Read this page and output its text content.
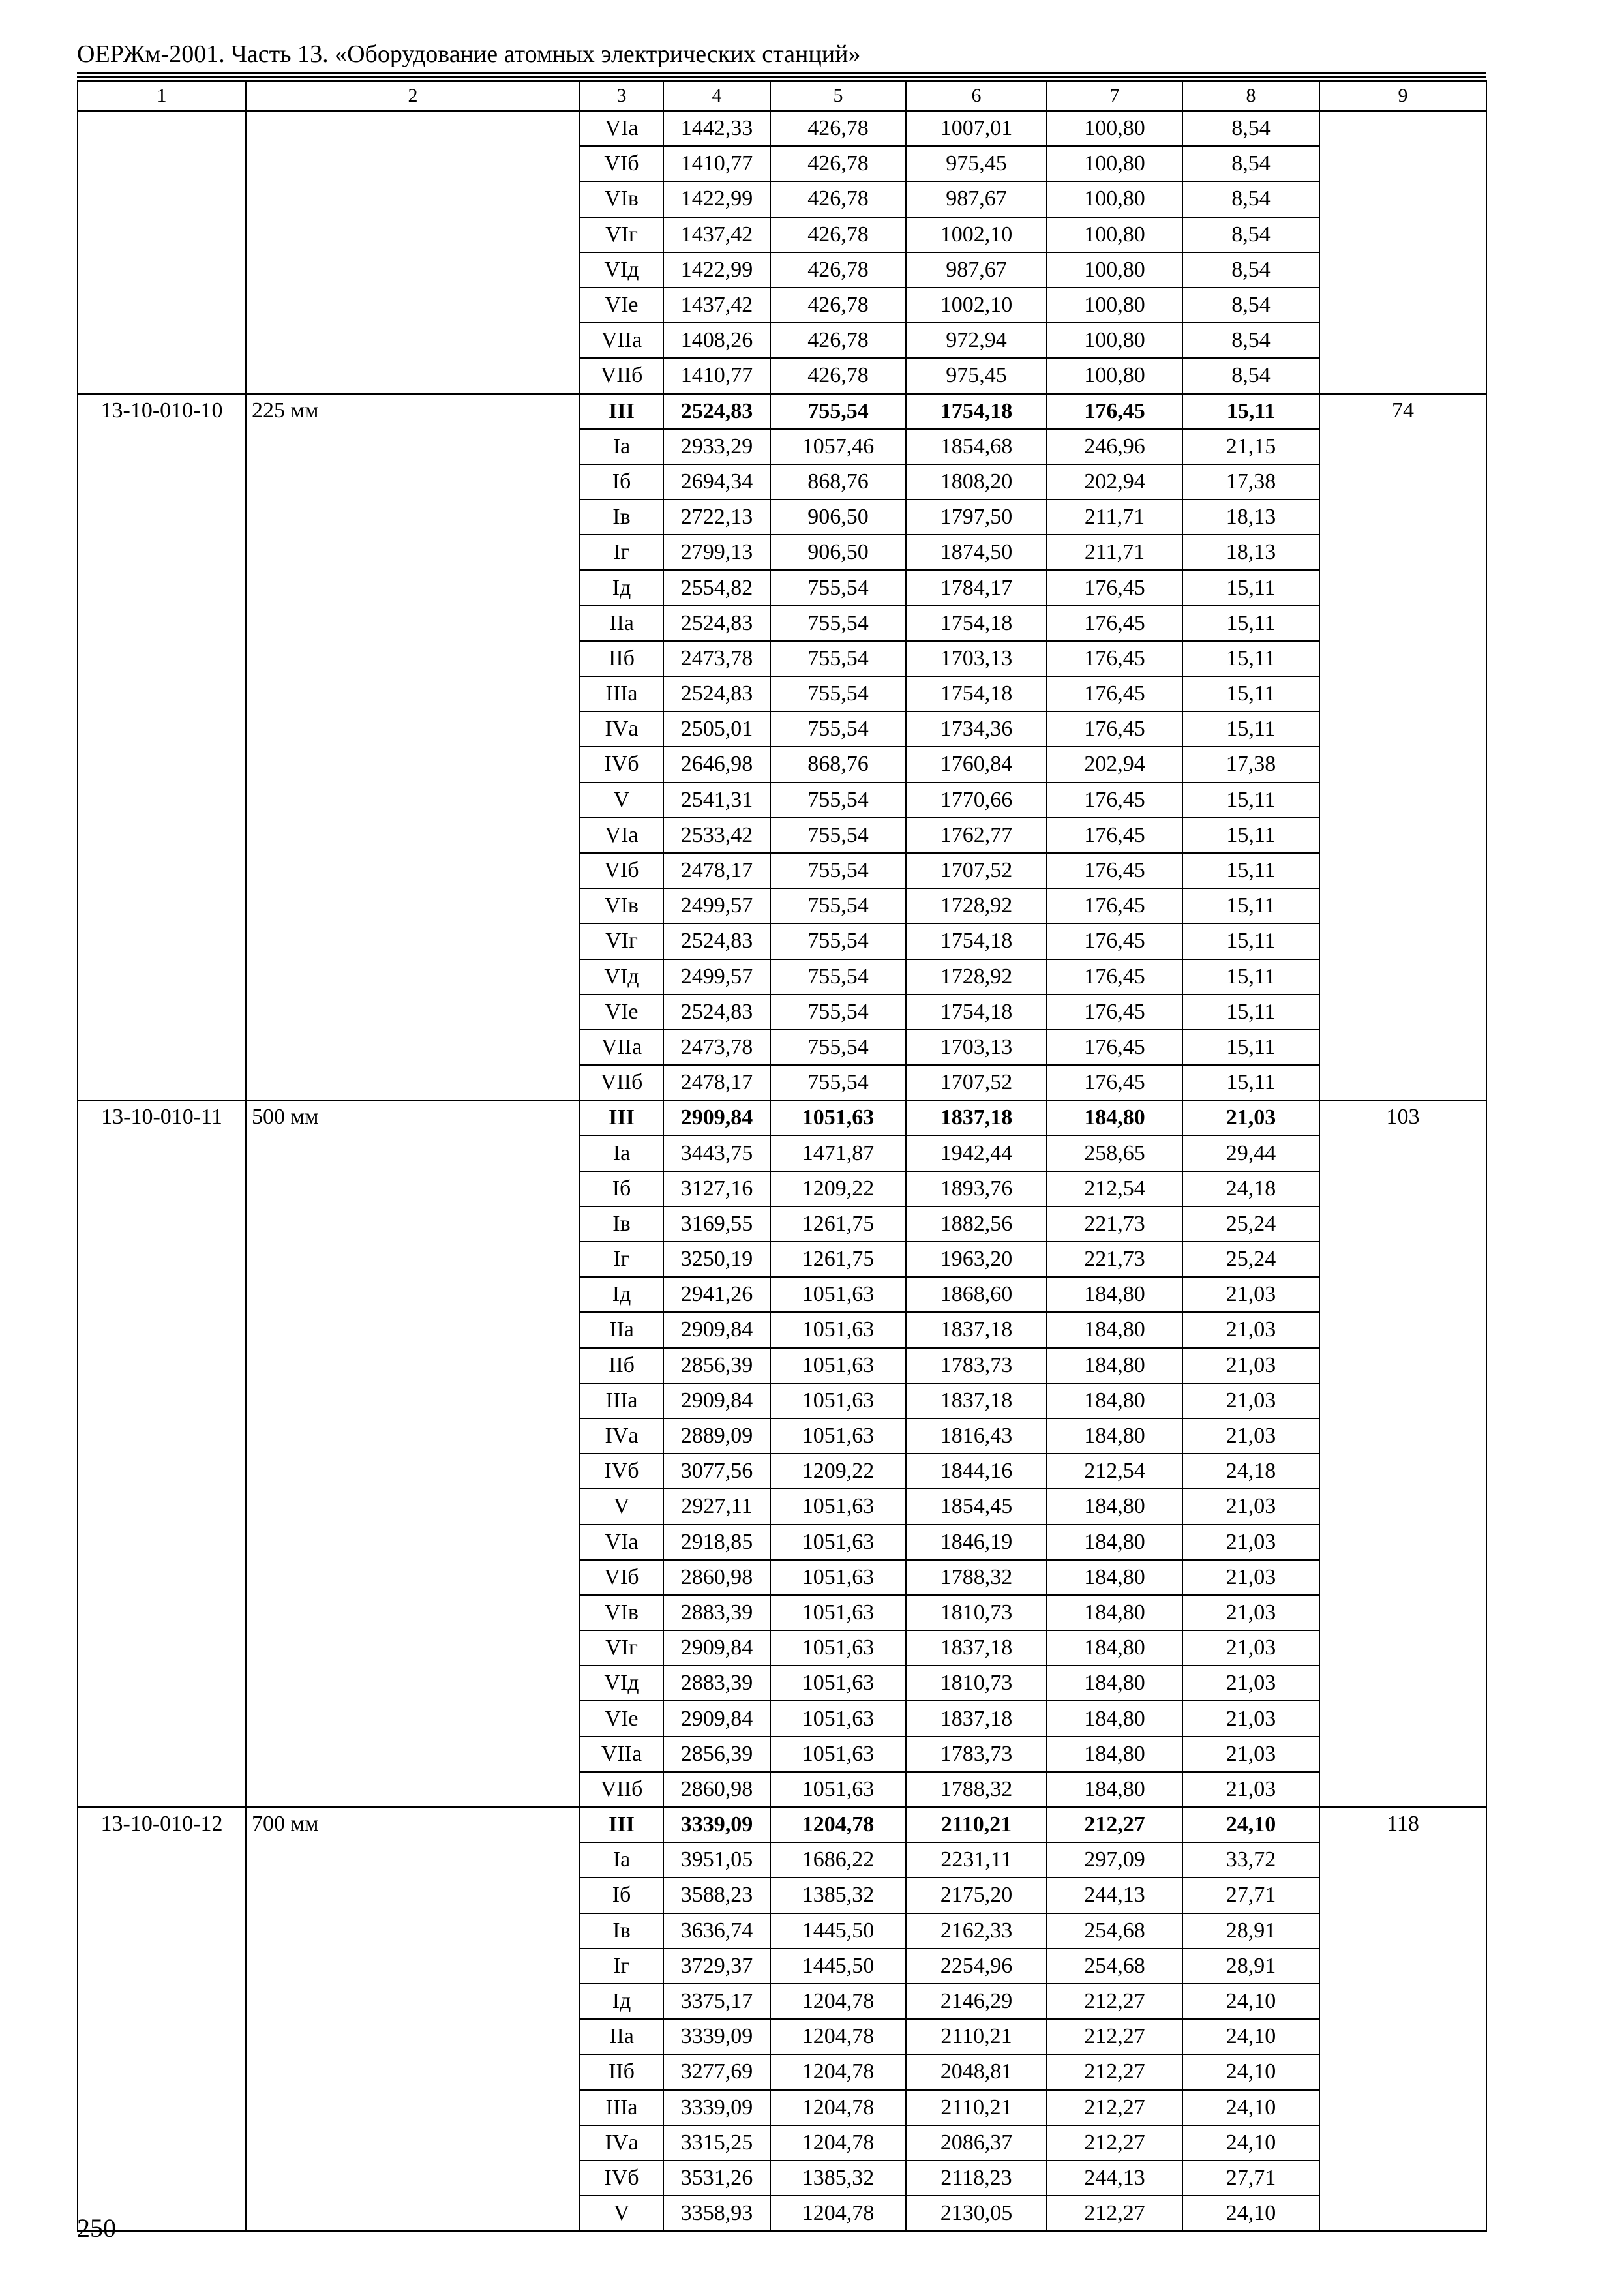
ОЕРЖм-2001. Часть 13. «Оборудование атомных электрических станций»
1	2	3	4	5	6	7	8	9
		VIа	1442,33	426,78	1007,01	100,80	8,54	
		VIб	1410,77	426,78	975,45	100,80	8,54	
		VIв	1422,99	426,78	987,67	100,80	8,54	
		VIг	1437,42	426,78	1002,10	100,80	8,54	
		VIд	1422,99	426,78	987,67	100,80	8,54	
		VIе	1437,42	426,78	1002,10	100,80	8,54	
		VIIа	1408,26	426,78	972,94	100,80	8,54	
		VIIб	1410,77	426,78	975,45	100,80	8,54	
13-10-010-10	225 мм	III	2524,83	755,54	1754,18	176,45	15,11	74
		Iа	2933,29	1057,46	1854,68	246,96	21,15	
		Iб	2694,34	868,76	1808,20	202,94	17,38	
		Iв	2722,13	906,50	1797,50	211,71	18,13	
		Iг	2799,13	906,50	1874,50	211,71	18,13	
		Iд	2554,82	755,54	1784,17	176,45	15,11	
		IIа	2524,83	755,54	1754,18	176,45	15,11	
		IIб	2473,78	755,54	1703,13	176,45	15,11	
		IIIа	2524,83	755,54	1754,18	176,45	15,11	
		IVа	2505,01	755,54	1734,36	176,45	15,11	
		IVб	2646,98	868,76	1760,84	202,94	17,38	
		V	2541,31	755,54	1770,66	176,45	15,11	
		VIа	2533,42	755,54	1762,77	176,45	15,11	
		VIб	2478,17	755,54	1707,52	176,45	15,11	
		VIв	2499,57	755,54	1728,92	176,45	15,11	
		VIг	2524,83	755,54	1754,18	176,45	15,11	
		VIд	2499,57	755,54	1728,92	176,45	15,11	
		VIе	2524,83	755,54	1754,18	176,45	15,11	
		VIIа	2473,78	755,54	1703,13	176,45	15,11	
		VIIб	2478,17	755,54	1707,52	176,45	15,11	
13-10-010-11	500 мм	III	2909,84	1051,63	1837,18	184,80	21,03	103
		Iа	3443,75	1471,87	1942,44	258,65	29,44	
		Iб	3127,16	1209,22	1893,76	212,54	24,18	
		Iв	3169,55	1261,75	1882,56	221,73	25,24	
		Iг	3250,19	1261,75	1963,20	221,73	25,24	
		Iд	2941,26	1051,63	1868,60	184,80	21,03	
		IIа	2909,84	1051,63	1837,18	184,80	21,03	
		IIб	2856,39	1051,63	1783,73	184,80	21,03	
		IIIа	2909,84	1051,63	1837,18	184,80	21,03	
		IVа	2889,09	1051,63	1816,43	184,80	21,03	
		IVб	3077,56	1209,22	1844,16	212,54	24,18	
		V	2927,11	1051,63	1854,45	184,80	21,03	
		VIа	2918,85	1051,63	1846,19	184,80	21,03	
		VIб	2860,98	1051,63	1788,32	184,80	21,03	
		VIв	2883,39	1051,63	1810,73	184,80	21,03	
		VIг	2909,84	1051,63	1837,18	184,80	21,03	
		VIд	2883,39	1051,63	1810,73	184,80	21,03	
		VIе	2909,84	1051,63	1837,18	184,80	21,03	
		VIIа	2856,39	1051,63	1783,73	184,80	21,03	
		VIIб	2860,98	1051,63	1788,32	184,80	21,03	
13-10-010-12	700 мм	III	3339,09	1204,78	2110,21	212,27	24,10	118
		Iа	3951,05	1686,22	2231,11	297,09	33,72	
		Iб	3588,23	1385,32	2175,20	244,13	27,71	
		Iв	3636,74	1445,50	2162,33	254,68	28,91	
		Iг	3729,37	1445,50	2254,96	254,68	28,91	
		Iд	3375,17	1204,78	2146,29	212,27	24,10	
		IIа	3339,09	1204,78	2110,21	212,27	24,10	
		IIб	3277,69	1204,78	2048,81	212,27	24,10	
		IIIа	3339,09	1204,78	2110,21	212,27	24,10	
		IVа	3315,25	1204,78	2086,37	212,27	24,10	
		IVб	3531,26	1385,32	2118,23	244,13	27,71	
		V	3358,93	1204,78	2130,05	212,27	24,10	
250
